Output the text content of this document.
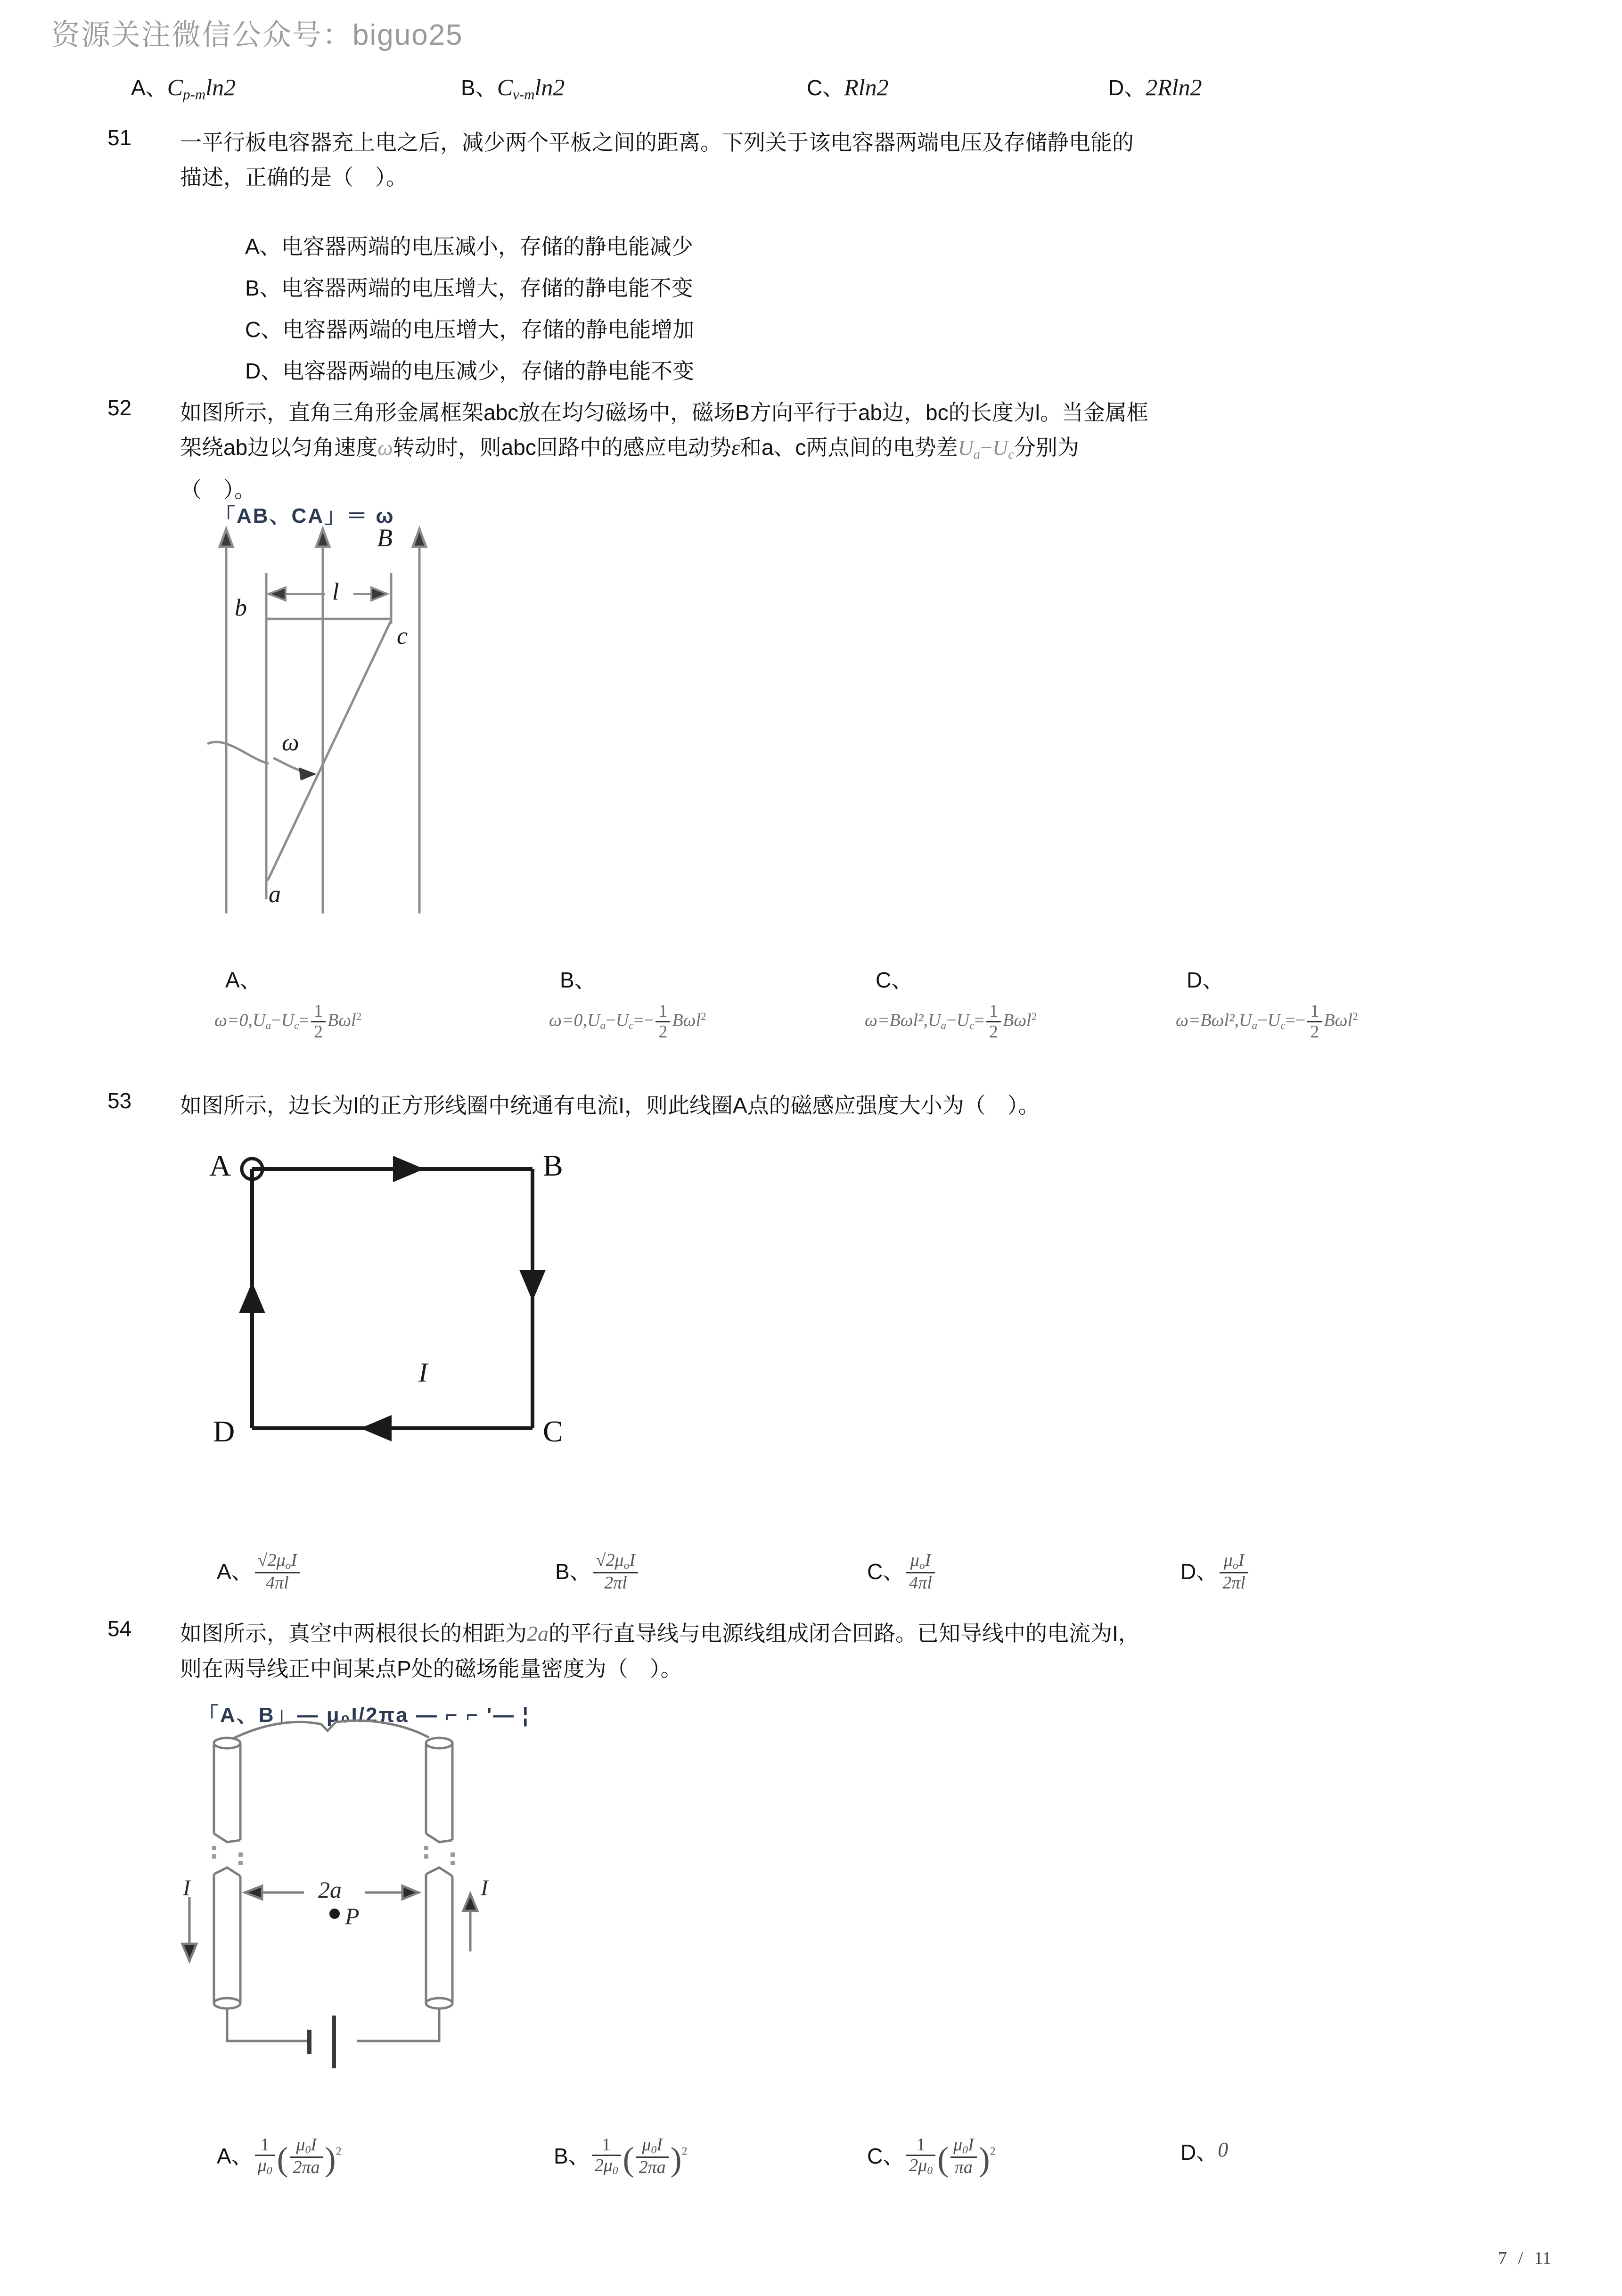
资源关注微信公众号：biguo25
A、$C_{p-m}\ln 2$	B、$C_{v-m}\ln 2$	C、Rln2	D、2Rln2
51 一平行板电容器充上电之后，减少两个平板之间的距离。下列关于该电容器两端电压及存储静电能的
描述，正确的是（　）。
A、电容器两端的电压减小，存储的静电能减少
B、电容器两端的电压增大，存储的静电能不变
C、电容器两端的电压增大，存储的静电能增加
D、电容器两端的电压减少，存储的静电能不变
52 如图所示，直角三角形金属框架abc放在均匀磁场中，磁场B方向平行于ab边，bc的长度为l。当金属框
架绕ab边以匀角速度ω转动时，则abc回路中的感应电动势ε和a、c两点间的电势差$U_a-U_c$分别为
（　）。
「AB、CA」＝ ω
B
b
c
a
l
ω
A、	B、	C、	D、
$\omega=0,U_a-U_c= \frac{1}{2} B\omega l^2$	$\omega=0,U_a-U_c=- \frac{1}{2} B\omega l^2$	$\omega=B\omega l^2,U_a-U_c= \frac{1}{2} B\omega l^2$	$\omega=B\omega l^2,U_a-U_c=- \frac{1}{2} B\omega l^2$
53 如图所示，边长为l的正方形线圈中统通有电流I，则此线圈A点的磁感应强度大小为（　）。
A	B
C
D
I
A、 $\frac{√2\mu_oI}{4\pi l}$	B、 $\frac{√2\mu_oI}{2\pi l}$	C、 $\frac{\mu_oI}{4\pi l}$	D、 $\frac{\mu_oI}{2\pi l}$
54 如图所示，真空中两根很长的相距为2a的平行直导线与电源线组成闭合回路。已知导线中的电流为I，
则在两导线正中间某点P处的磁场能量密度为（　）。
「A、B」— μ₀I/2πa — ⌐ ⌐ '— ¦
2a
P
I	I
A、 $\frac{1}{\mu_0}$ ( $\frac{\mu_0I}{2\pi a} )^2$	B、 $\frac{1}{2\mu_0}$ ( $\frac{\mu_0I}{2\pi a} )^2$	C、 $\frac{1}{2\mu_0}$ ( $\frac{\mu_0I}{\pi a} )^2$	D、0
7 / 11
